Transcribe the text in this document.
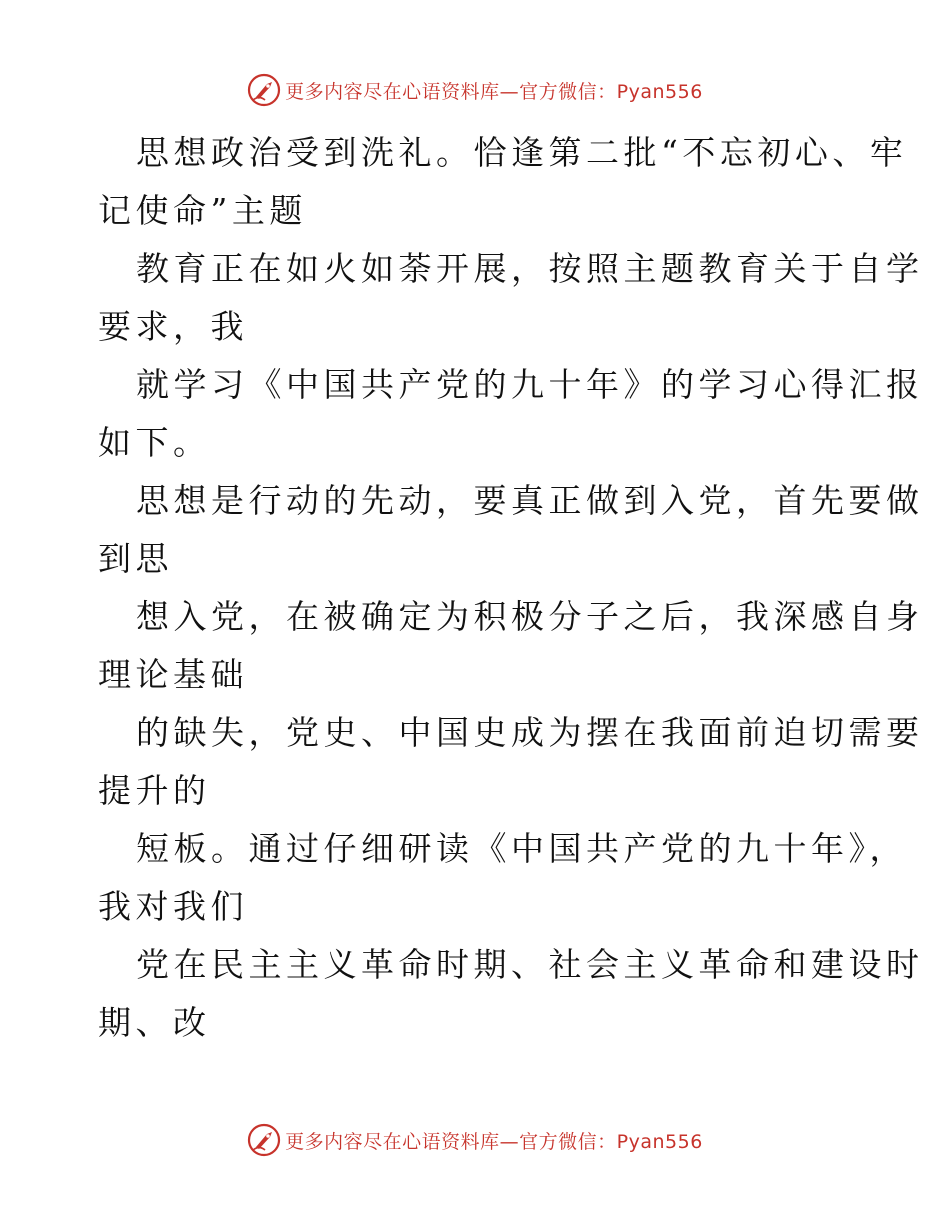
更多内容尽在心语资料库—官方微信：Pyan556
思想政治受到洗礼。恰逢第二批“不忘初心、牢
记使命”主题
教育正在如火如荼开展，按照主题教育关于自学
要求，我
就学习《中国共产党的九十年》的学习心得汇报
如下。
思想是行动的先动，要真正做到入党，首先要做
到思
想入党，在被确定为积极分子之后，我深感自身
理论基础
的缺失，党史、中国史成为摆在我面前迫切需要
提升的
短板。通过仔细研读《中国共产党的九十年》，
我对我们
党在民主主义革命时期、社会主义革命和建设时
期、改
更多内容尽在心语资料库—官方微信：Pyan556
